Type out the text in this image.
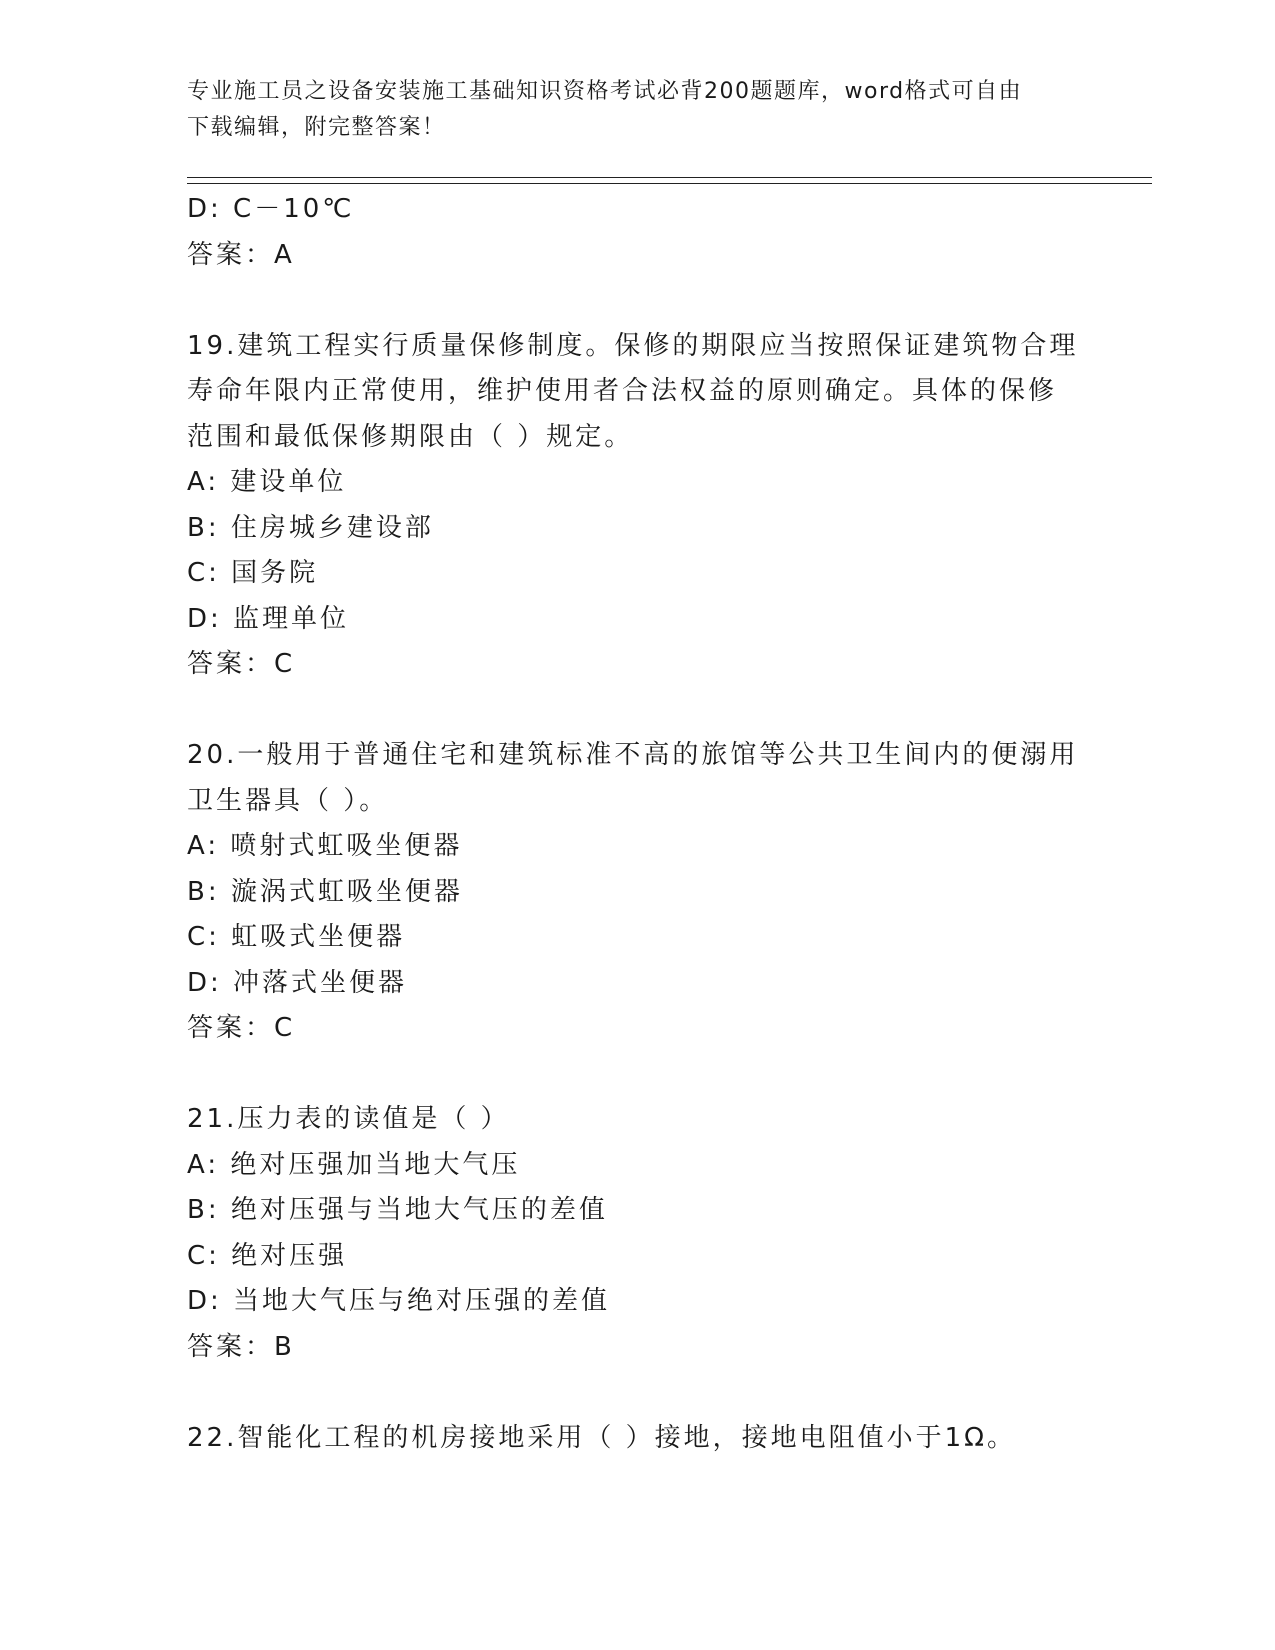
专业施工员之设备安装施工基础知识资格考试必背200题题库，word格式可自由
下载编辑，附完整答案！
D: C－10℃
答案：A
19.建筑工程实行质量保修制度。保修的期限应当按照保证建筑物合理
寿命年限内正常使用，维护使用者合法权益的原则确定。具体的保修
范围和最低保修期限由（ ）规定。
A: 建设单位
B: 住房城乡建设部
C: 国务院
D: 监理单位
答案：C
20.一般用于普通住宅和建筑标准不高的旅馆等公共卫生间内的便溺用
卫生器具（ ）。
A: 喷射式虹吸坐便器
B: 漩涡式虹吸坐便器
C: 虹吸式坐便器
D: 冲落式坐便器
答案：C
21.压力表的读值是（ ）
A: 绝对压强加当地大气压
B: 绝对压强与当地大气压的差值
C: 绝对压强
D: 当地大气压与绝对压强的差值
答案：B
22.智能化工程的机房接地采用（ ）接地，接地电阻值小于1Ω。
